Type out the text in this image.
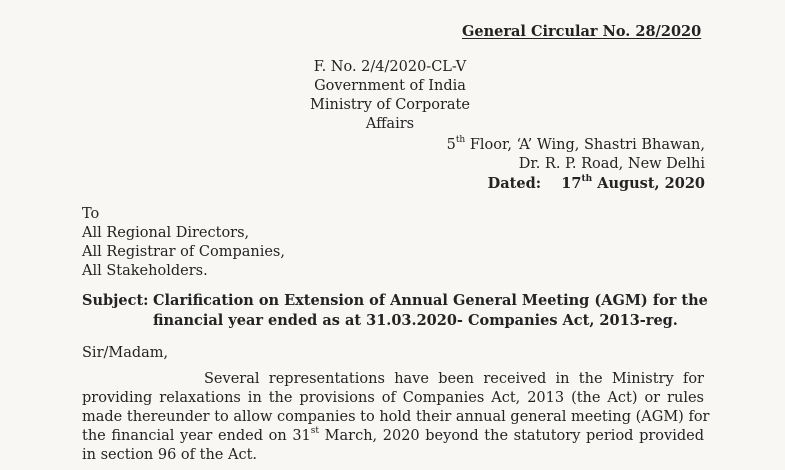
General Circular No. 28/2020
F. No. 2/4/2020-CL-V
Government of India
Ministry of Corporate Affairs
5th Floor, ‘A’ Wing, Shastri Bhawan,
Dr. R. P. Road, New Delhi
Dated: 17th August, 2020
To
All Regional Directors,
All Registrar of Companies,
All Stakeholders.
Subject: Clarification on Extension of Annual General Meeting (AGM) for the
financial year ended as at 31.03.2020- Companies Act, 2013-reg.
Sir/Madam,
Several representations have been received in the Ministry for
providing relaxations in the provisions of Companies Act, 2013 (the Act) or rules
made thereunder to allow companies to hold their annual general meeting (AGM) for
the financial year ended on 31st March, 2020 beyond the statutory period provided
in section 96 of the Act.
